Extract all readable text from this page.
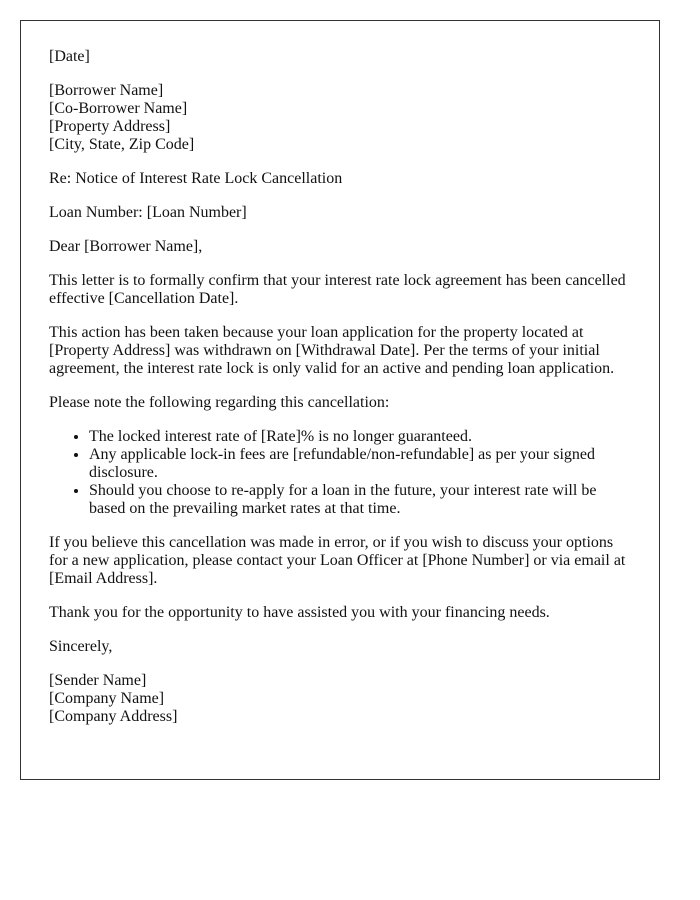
[Date]

[Borrower Name]
[Co-Borrower Name]
[Property Address]
[City, State, Zip Code]

Re: Notice of Interest Rate Lock Cancellation

Loan Number: [Loan Number]

Dear [Borrower Name],

This letter is to formally confirm that your interest rate lock agreement has been cancelled effective [Cancellation Date].

This action has been taken because your loan application for the property located at [Property Address] was withdrawn on [Withdrawal Date]. Per the terms of your initial agreement, the interest rate lock is only valid for an active and pending loan application.

Please note the following regarding this cancellation:

• The locked interest rate of [Rate]% is no longer guaranteed.
• Any applicable lock-in fees are [refundable/non-refundable] as per your signed disclosure.
• Should you choose to re-apply for a loan in the future, your interest rate will be based on the prevailing market rates at that time.

If you believe this cancellation was made in error, or if you wish to discuss your options for a new application, please contact your Loan Officer at [Phone Number] or via email at [Email Address].

Thank you for the opportunity to have assisted you with your financing needs.

Sincerely,

[Sender Name]
[Company Name]
[Company Address]
